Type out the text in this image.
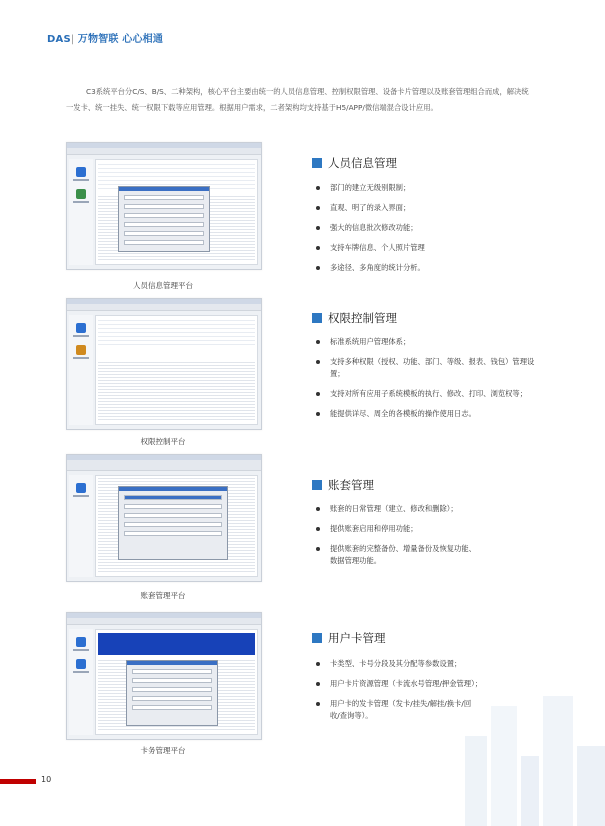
DAS| 万物智联 心心相通

C3系统平台分C/S、B/S、二种架构，核心平台主要由统一的人员信息管理、控制权限管理、设备卡片管理以及账套管理组合而成，解决统一发卡、统一挂失、统一权限下载等应用管理。根据用户需求，二者架构均支持基于H5/APP/微信端混合设计应用。

人员信息管理平台
人员信息管理
部门的建立无级别限制；
直观、明了的录入界面；
强大的信息批次修改功能；
支持车牌信息、个人照片管理
多途径、多角度的统计分析。
权限控制平台
权限控制管理
标准系统用户管理体系；
支持多种权限（授权、功能、部门、等级、报表、钱包）管理设置；
支持对所有应用子系统模板的执行、修改、打印、浏览权等；
能提供详尽、周全的各模板的操作使用日志。
账套管理平台
账套管理
账套的日常管理（建立、修改和删除）；
提供账套启用和停用功能；
提供账套的完整备份、增量备份及恢复功能、数据管理功能。
卡务管理平台
用户卡管理
卡类型、卡号分段及其分配等参数设置；
用户卡片资源管理（卡流水号管理/押金管理）；
用户卡的发卡管理（发卡/挂失/解挂/换卡/回收/查询等）。
10
